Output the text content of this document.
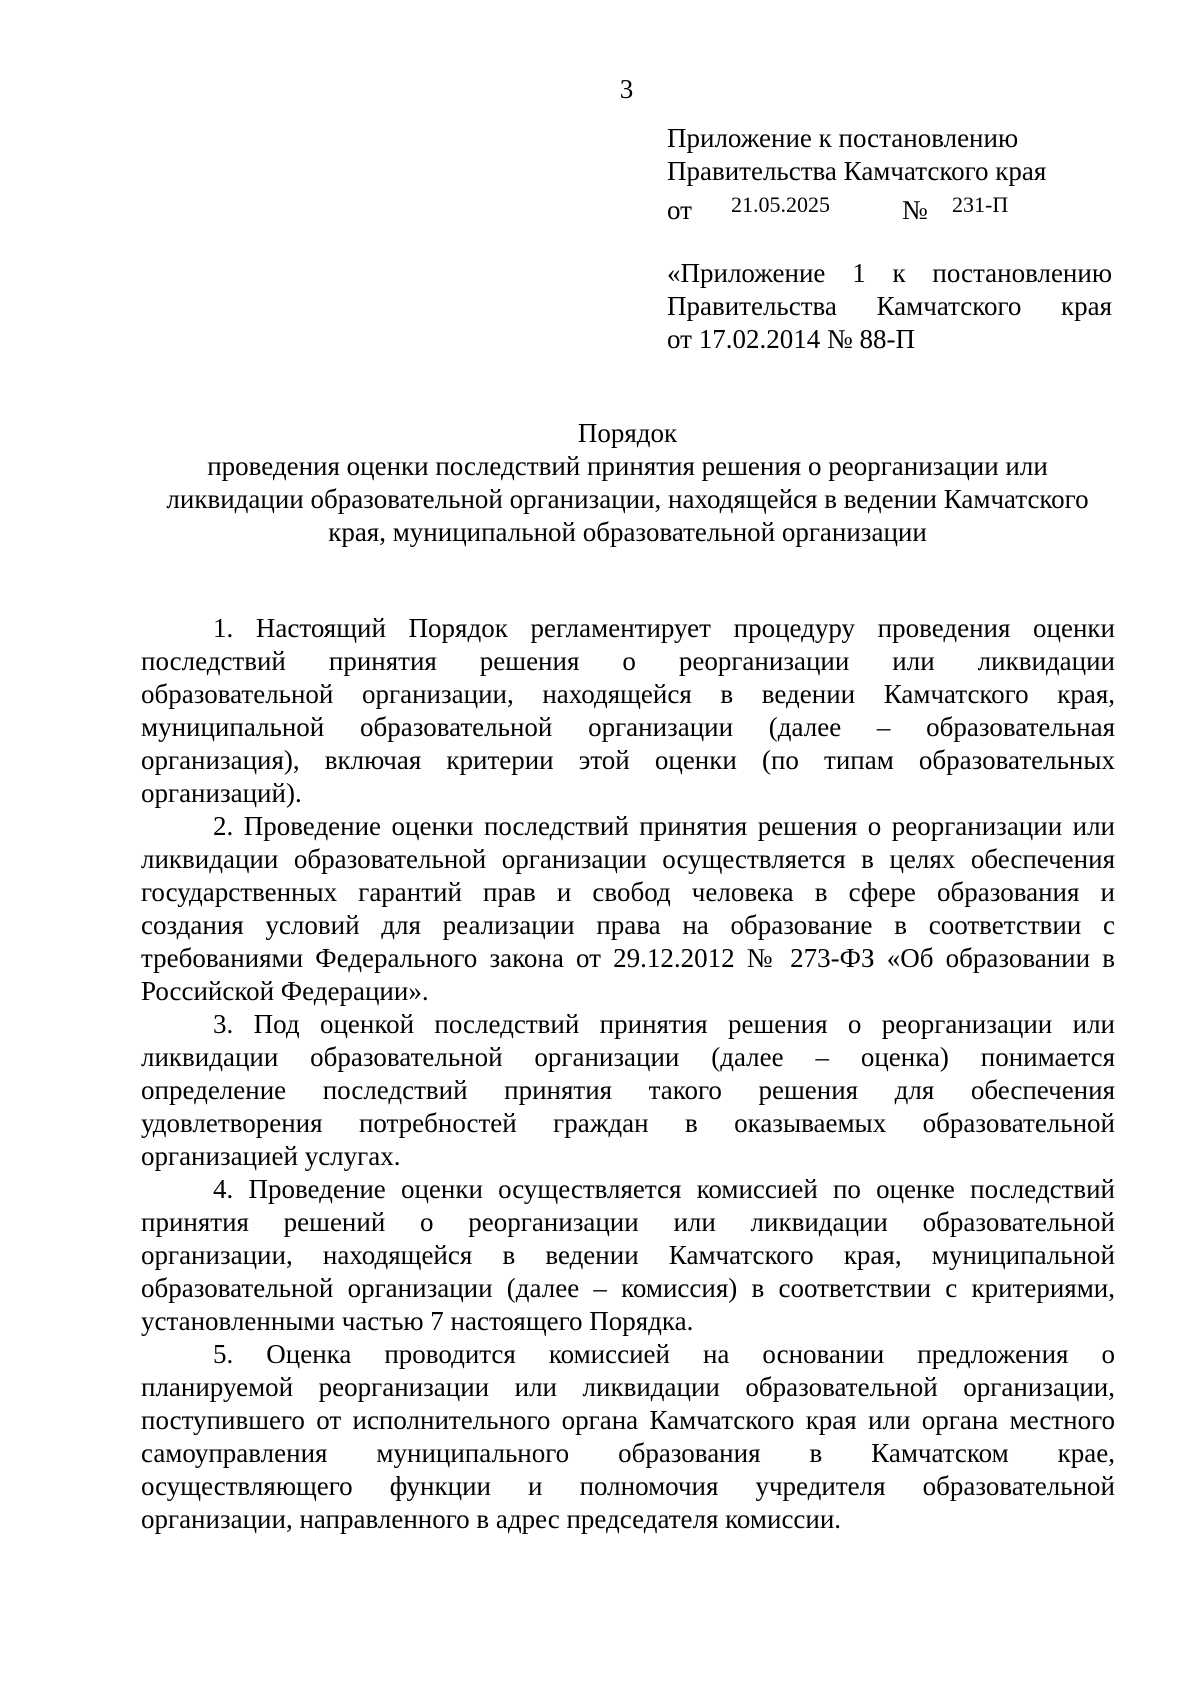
3
Приложение к постановлению
Правительства Камчатского края
от 21.05.2025	№ 231-П
«Приложение 1 к постановлению
Правительства Камчатского края
от 17.02.2014 № 88-П
Порядок
проведения оценки последствий принятия решения о реорганизации или
ликвидации образовательной организации, находящейся в ведении Камчатского
края, муниципальной образовательной организации
1. Настоящий Порядок регламентирует процедуру проведения оценки
последствий принятия решения о реорганизации или ликвидации
образовательной организации, находящейся в ведении Камчатского края,
муниципальной образовательной организации (далее – образовательная
организация), включая критерии этой оценки (по типам образовательных
организаций).
2. Проведение оценки последствий принятия решения о реорганизации или
ликвидации образовательной организации осуществляется в целях обеспечения
государственных гарантий прав и свобод человека в сфере образования и
создания условий для реализации права на образование в соответствии с
требованиями Федерального закона от 29.12.2012 № 273-ФЗ «Об образовании в
Российской Федерации».
3. Под оценкой последствий принятия решения о реорганизации или
ликвидации образовательной организации (далее – оценка) понимается
определение последствий принятия такого решения для обеспечения
удовлетворения потребностей граждан в оказываемых образовательной
организацией услугах.
4. Проведение оценки осуществляется комиссией по оценке последствий
принятия решений о реорганизации или ликвидации образовательной
организации, находящейся в ведении Камчатского края, муниципальной
образовательной организации (далее – комиссия) в соответствии с критериями,
установленными частью 7 настоящего Порядка.
5. Оценка проводится комиссией на основании предложения о
планируемой реорганизации или ликвидации образовательной организации,
поступившего от исполнительного органа Камчатского края или органа местного
самоуправления муниципального образования в Камчатском крае,
осуществляющего функции и полномочия учредителя образовательной
организации, направленного в адрес председателя комиссии.
